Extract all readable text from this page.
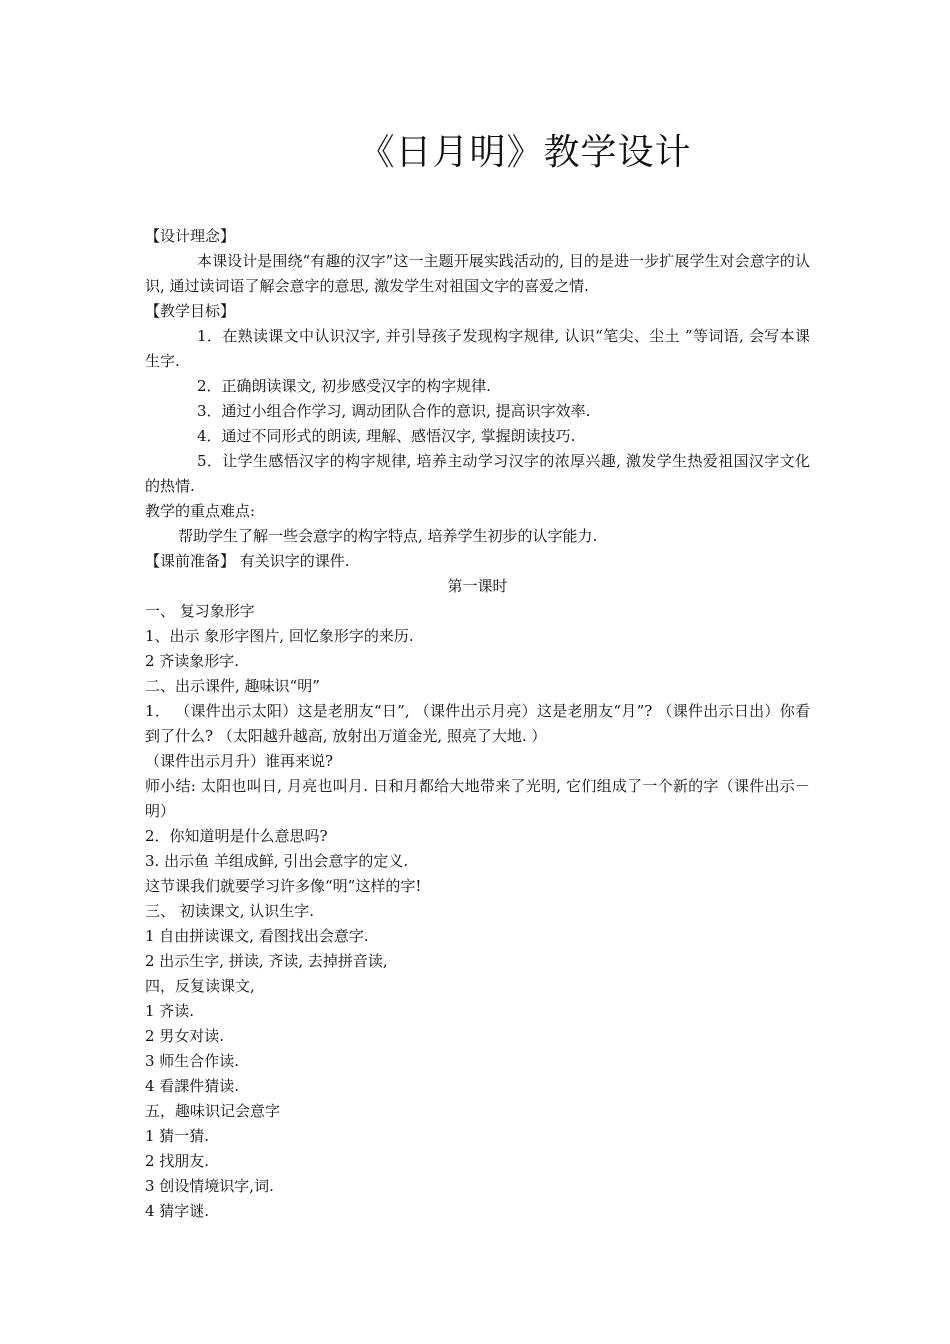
《日月明》教学设计

【设计理念】

本课设计是围绕“有趣的汉字”这一主题开展实践活动的, 目的是进一步扩展学生对会意字的认识, 通过读词语了解会意字的意思, 激发学生对祖国文字的喜爱之情.

【教学目标】

1．在熟读课文中认识汉字, 并引导孩子发现构字规律, 认识“笔尖、尘土 ”等词语, 会写本课生字.

2．正确朗读课文, 初步感受汉字的构字规律.

3．通过小组合作学习, 调动团队合作的意识, 提高识字效率.

4．通过不同形式的朗读, 理解、感悟汉字, 掌握朗读技巧.

5．让学生感悟汉字的构字规律, 培养主动学习汉字的浓厚兴趣, 激发学生热爱祖国汉字文化的热情.

教学的重点难点:

帮助学生了解一些会意字的构字特点, 培养学生初步的认字能力.

【课前准备】 有关识字的课件.

第一课时

一、 复习象形字

1、出示 象形字图片, 回忆象形字的来历.

2 齐读象形字.

二、出示课件, 趣味识“明”

1． （课件出示太阳）这是老朋友“日”, （课件出示月亮）这是老朋友“月”? （课件出示日出）你看到了什么? （太阳越升越高, 放射出万道金光, 照亮了大地. ）

（课件出示月升）谁再来说?

师小结: 太阳也叫日, 月亮也叫月. 日和月都给大地带来了光明, 它们组成了一个新的字（课件出示－明）

2．你知道明是什么意思吗?

3. 出示鱼 羊组成鲜, 引出会意字的定义.

这节课我们就要学习许多像“明”这样的字!

三、 初读课文, 认识生字.

1 自由拼读课文, 看图找出会意字.

2 出示生字, 拼读, 齐读, 去掉拼音读,

四，反复读课文,

1 齐读.

2 男女对读.

3 师生合作读.

4 看課件猜读.

五，趣味识记会意字

1 猜一猜.

2 找朋友.

3 创设情境识字,词.

4 猜字谜.
